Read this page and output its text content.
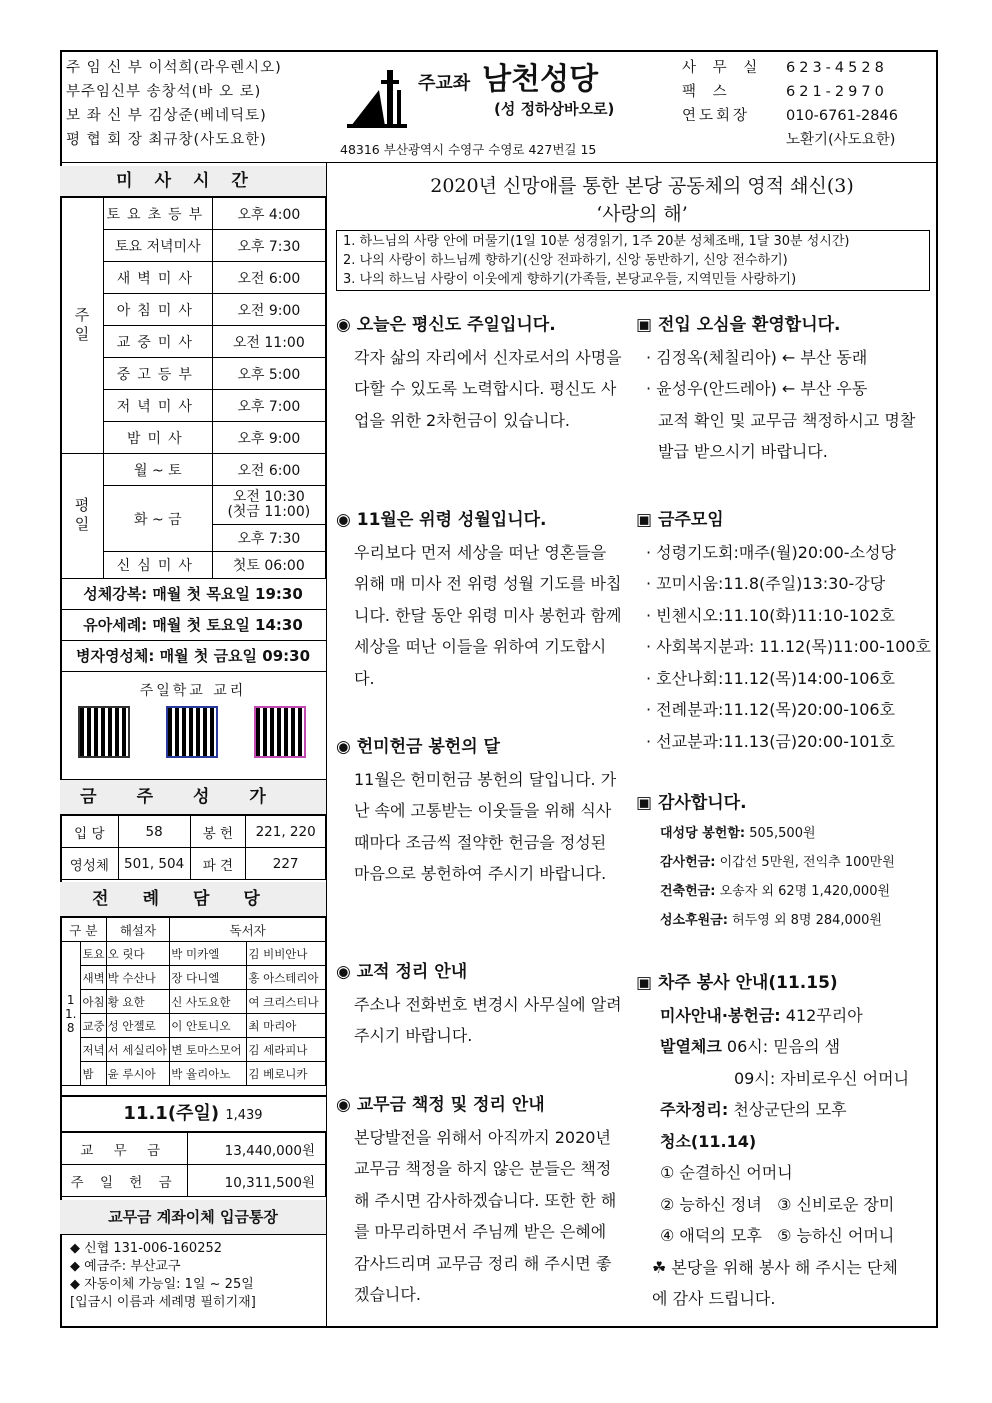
주 임 신 부 이석희(라우렌시오)
부주임신부 송창석(바 오 로)
보 좌 신 부 김상준(베네딕토)
평 협 회 장 최규창(사도요한)
주교좌 남천성당
(성 정하상바오로)
48316 부산광역시 수영구 수영로 427번길 15
사 무 실	623-4528
팩 스	621-2970
연도회장	010-6761-2846
노환기(사도요한)
미사시간
주일	토요초등부	오후 4:00
	토요 저녁미사	오후 7:30
	새벽미사	오전 6:00
	아침미사	오전 9:00
	교중미사	오전 11:00
	중고등부	오후 5:00
	저녁미사	오후 7:00
	밤미사	오후 9:00
평일	월 ~ 토	오전 6:00
	화 ~ 금	오전 10:30
(첫금 11:00)
		오후 7:30
	신심미사	첫토 06:00
성체강복: 매월 첫 목요일 19:30
유아세례: 매월 첫 토요일 14:30
병자영성체: 매월 첫 금요일 09:30
주일학교 교리
금주성가
입 당	58	봉 헌	221, 220
영성체	501, 504	파 견	227
전례담당
구 분		해설자	독서자	
11.8	토요	오 릿다	박 미카엘	김 비비안나
	새벽	박 수산나	장 다니엘	홍 아스테리아
	아침	황 요한	신 사도요한	여 크리스티나
	교중	성 안젤로	이 안토니오	최 마리아
	저녁	서 세실리아	변 토마스모어	김 세라피나
	밤	윤 루시아	박 율리아노	김 베로니카
11.1(주일) 1,439
교 무 금	13,440,000원
주 일 헌 금	10,311,500원
교무금 계좌이체 입금통장
◆ 신협 131-006-160252
◆ 예금주: 부산교구
◆ 자동이체 가능일: 1일 ~ 25일
[입금시 이름과 세례명 필히기재]
2020년 신망애를 통한 본당 공동체의 영적 쇄신(3)
‘사랑의 해’
1. 하느님의 사랑 안에 머물기(1일 10분 성경읽기, 1주 20분 성체조배, 1달 30분 성시간)
2. 나의 사랑이 하느님께 향하기(신앙 전파하기, 신앙 동반하기, 신앙 전수하기)
3. 나의 하느님 사랑이 이웃에게 향하기(가족들, 본당교우들, 지역민들 사랑하기)
◉ 오늘은 평신도 주일입니다.

각자 삶의 자리에서 신자로서의 사명을 다할 수 있도록 노력합시다. 평신도 사업을 위한 2차헌금이 있습니다.

◉ 11월은 위령 성월입니다.

우리보다 먼저 세상을 떠난 영혼들을 위해 매 미사 전 위령 성월 기도를 바칩니다. 한달 동안 위령 미사 봉헌과 함께 세상을 떠난 이들을 위하여 기도합시다.

◉ 헌미헌금 봉헌의 달

11월은 헌미헌금 봉헌의 달입니다. 가난 속에 고통받는 이웃들을 위해 식사 때마다 조금씩 절약한 헌금을 정성된 마음으로 봉헌하여 주시기 바랍니다.

◉ 교적 정리 안내

주소나 전화번호 변경시 사무실에 알려 주시기 바랍니다.

◉ 교무금 책정 및 정리 안내

본당발전을 위해서 아직까지 2020년 교무금 책정을 하지 않은 분들은 책정 해 주시면 감사하겠습니다. 또한 한 해를 마무리하면서 주님께 받은 은혜에 감사드리며 교무금 정리 해 주시면 좋겠습니다.

▣ 전입 오심을 환영합니다.
· 김정옥(체칠리아) ← 부산 동래
· 윤성우(안드레아) ← 부산 우동

교적 확인 및 교무금 책정하시고 명찰 발급 받으시기 바랍니다.

▣ 금주모임
· 성령기도회:매주(월)20:00-소성당
· 꼬미시움:11.8(주일)13:30-강당
· 빈첸시오:11.10(화)11:10-102호
· 사회복지분과: 11.12(목)11:00-100호
· 호산나회:11.12(목)14:00-106호
· 전례분과:11.12(목)20:00-106호
· 선교분과:11.13(금)20:00-101호
▣ 감사합니다.
대성당 봉헌함: 505,500원
감사헌금: 이갑선 5만원, 전익추 100만원
건축헌금: 오송자 외 62명 1,420,000원
성소후원금: 허두영 외 8명 284,000원
▣ 차주 봉사 안내(11.15)
미사안내·봉헌금: 412꾸리아
발열체크 06시: 믿음의 샘
09시: 자비로우신 어머니
주차정리: 천상군단의 모후
청소(11.14)
① 순결하신 어머니
② 능하신 정녀 ③ 신비로운 장미
④ 애덕의 모후 ⑤ 능하신 어머니
☘ 본당을 위해 봉사 해 주시는 단체에 감사 드립니다.
